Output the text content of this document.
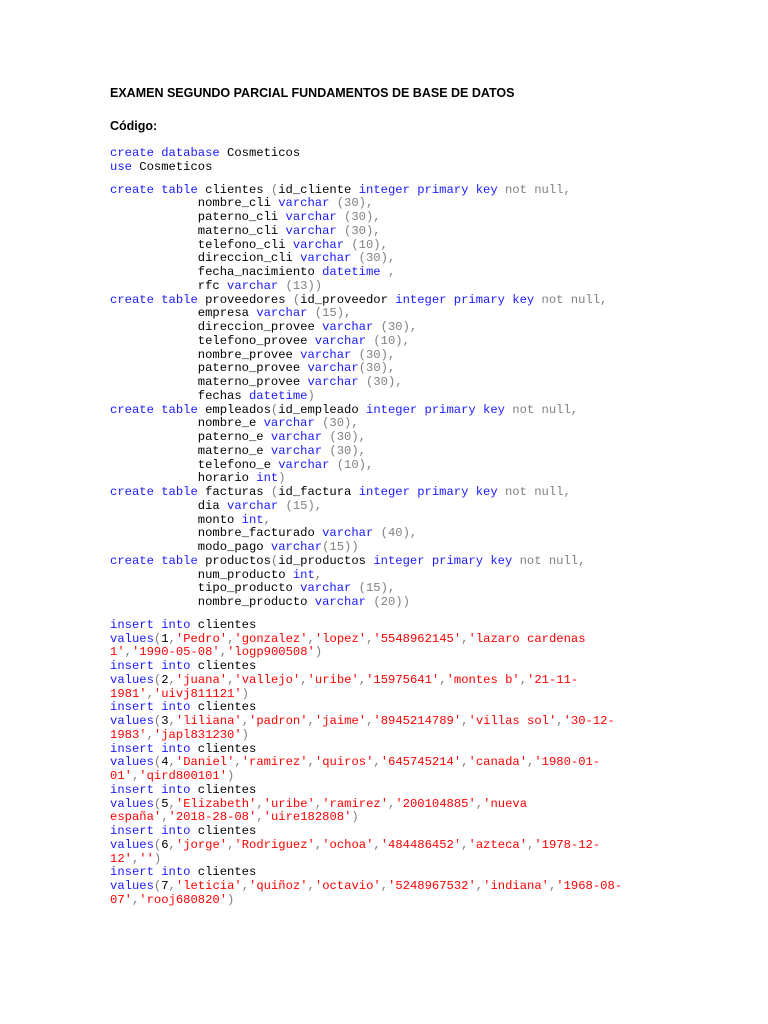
EXAMEN SEGUNDO PARCIAL FUNDAMENTOS DE BASE DE DATOS
Código:
create database Cosmeticos
use Cosmeticos
create table clientes (id_cliente integer primary key not null,
nombre_cli varchar (30),
paterno_cli varchar (30),
materno_cli varchar (30),
telefono_cli varchar (10),
direccion_cli varchar (30),
fecha_nacimiento datetime ,
rfc varchar (13))
create table proveedores (id_proveedor integer primary key not null,
empresa varchar (15),
direccion_provee varchar (30),
telefono_provee varchar (10),
nombre_provee varchar (30),
paterno_provee varchar(30),
materno_provee varchar (30),
fechas datetime)
create table empleados(id_empleado integer primary key not null,
nombre_e varchar (30),
paterno_e varchar (30),
materno_e varchar (30),
telefono_e varchar (10),
horario int)
create table facturas (id_factura integer primary key not null,
dia varchar (15),
monto int,
nombre_facturado varchar (40),
modo_pago varchar(15))
create table productos(id_productos integer primary key not null,
num_producto int,
tipo_producto varchar (15),
nombre_producto varchar (20))
insert into clientes
values(1,'Pedro','gonzalez','lopez','5548962145','lazaro cardenas
1','1990-05-08','logp900508')
insert into clientes
values(2,'juana','vallejo','uribe','15975641','montes b','21-11-
1981','uivj811121')
insert into clientes
values(3,'liliana','padron','jaime','8945214789','villas sol','30-12-
1983','japl831230')
insert into clientes
values(4,'Daniel','ramirez','quiros','645745214','canada','1980-01-
01','qird800101')
insert into clientes
values(5,'Elizabeth','uribe','ramirez','200104885','nueva
españa','2018-28-08','uire182808')
insert into clientes
values(6,'jorge','Rodriguez','ochoa','484486452','azteca','1978-12-
12','')
insert into clientes
values(7,'leticia','quiñoz','octavio','5248967532','indiana','1968-08-
07','rooj680820')
